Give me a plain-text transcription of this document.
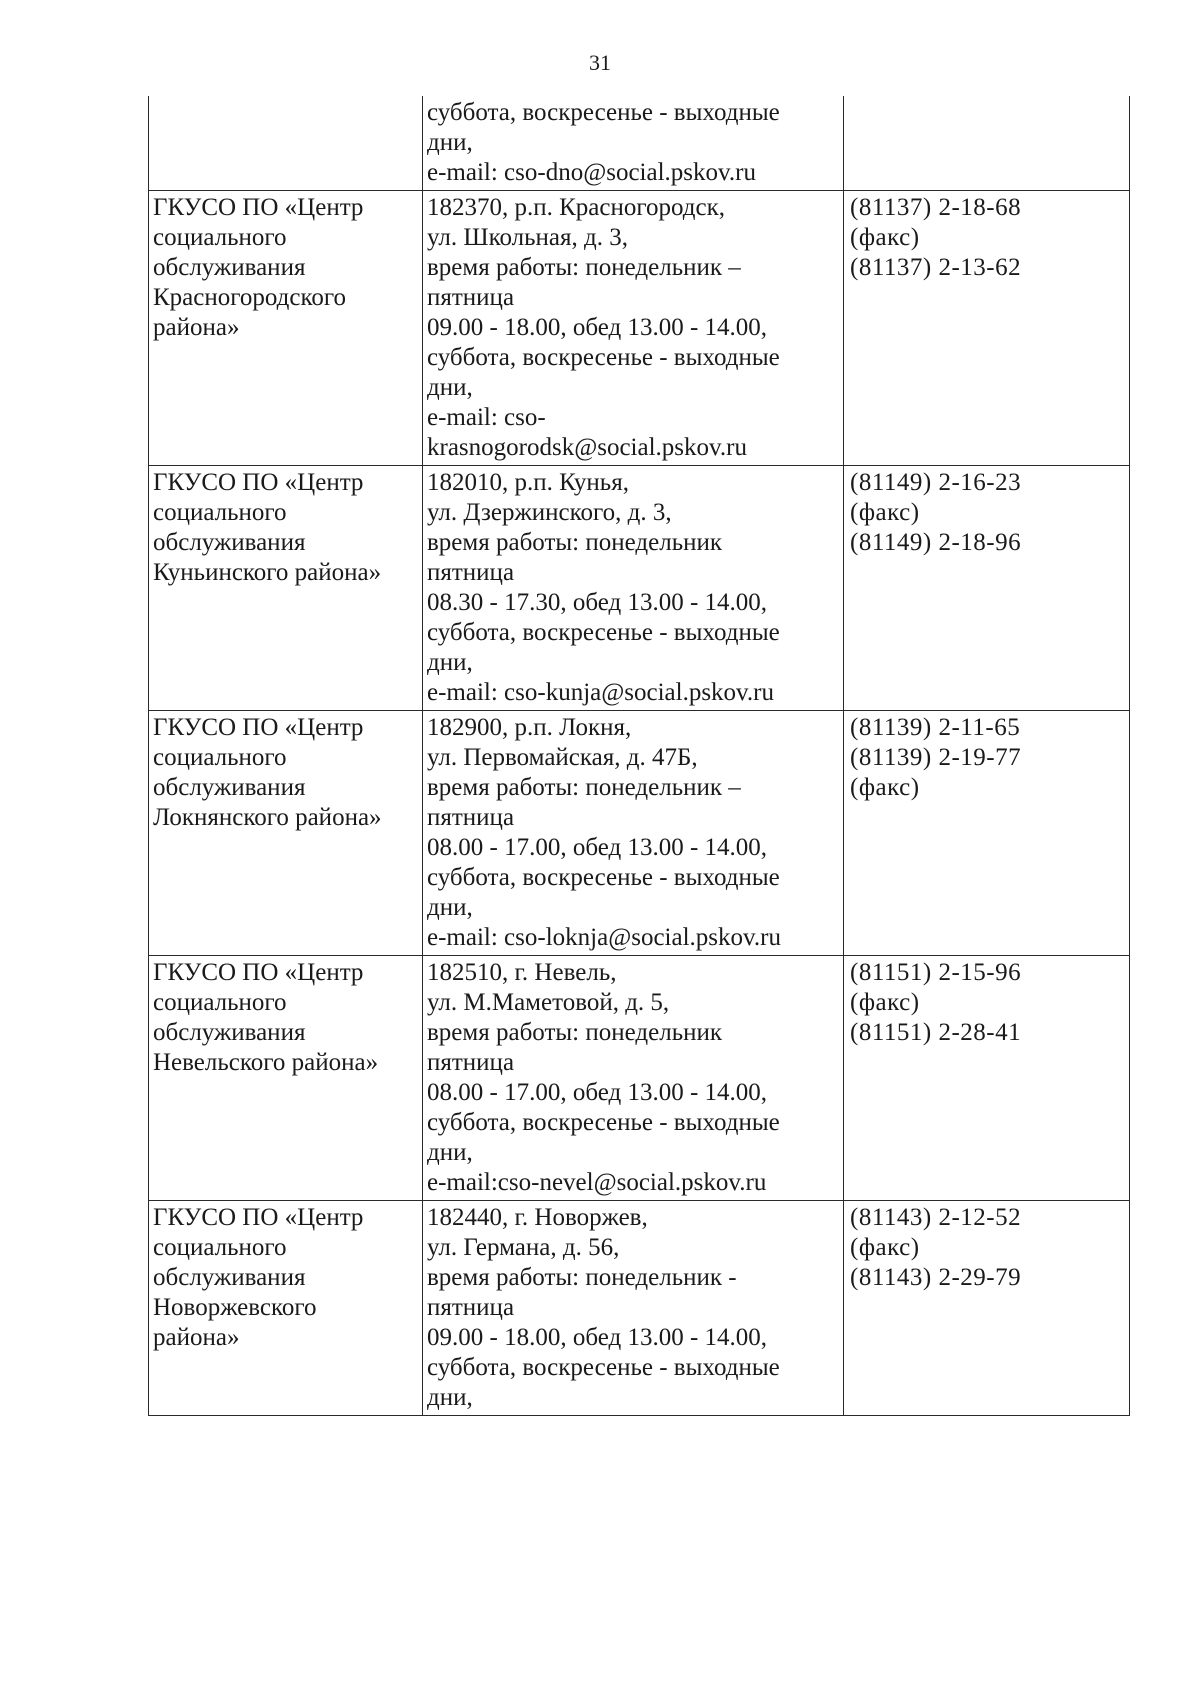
31
суббота, воскресенье - выходные
дни,
e-mail: cso-dno@social.pskov.ru
ГКУСО ПО «Центр
социального
обслуживания
Красногородского
района»
182370, р.п. Красногородск,
ул. Школьная, д. 3,
время работы: понедельник –
пятница
09.00 - 18.00, обед 13.00 - 14.00,
суббота, воскресенье - выходные
дни,
e-mail: cso-
krasnogorodsk@social.pskov.ru
(81137) 2-18-68
(факс)
(81137) 2-13-62
ГКУСО ПО «Центр
социального
обслуживания
Куньинского района»
182010, р.п. Кунья,
ул. Дзержинского, д. 3,
время работы: понедельник
пятница
08.30 - 17.30, обед 13.00 - 14.00,
суббота, воскресенье - выходные
дни,
e-mail: cso-kunja@social.pskov.ru
(81149) 2-16-23
(факс)
(81149) 2-18-96
ГКУСО ПО «Центр
социального
обслуживания
Локнянского района»
182900, р.п. Локня,
ул. Первомайская, д. 47Б,
время работы: понедельник –
пятница
08.00 - 17.00, обед 13.00 - 14.00,
суббота, воскресенье - выходные
дни,
e-mail: cso-loknja@social.pskov.ru
(81139) 2-11-65
(81139) 2-19-77
(факс)
ГКУСО ПО «Центр
социального
обслуживания
Невельского района»
182510, г. Невель,
ул. М.Маметовой, д. 5,
время работы: понедельник
пятница
08.00 - 17.00, обед 13.00 - 14.00,
суббота, воскресенье - выходные
дни,
e-mail:cso-nevel@social.pskov.ru
(81151) 2-15-96
(факс)
(81151) 2-28-41
ГКУСО ПО «Центр
социального
обслуживания
Новоржевского
района»
182440, г. Новоржев,
ул. Германа, д. 56,
время работы: понедельник -
пятница
09.00 - 18.00, обед 13.00 - 14.00,
суббота, воскресенье - выходные
дни,
(81143) 2-12-52
(факс)
(81143) 2-29-79
